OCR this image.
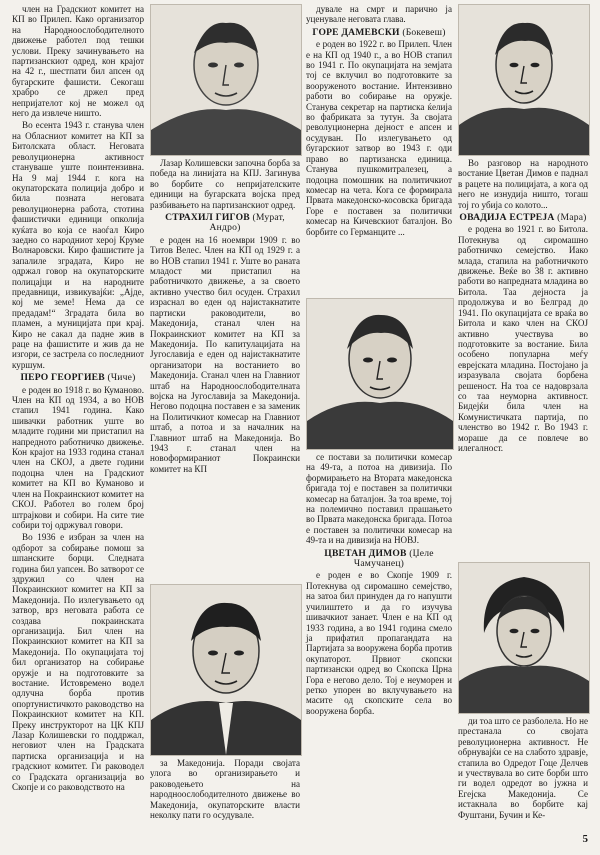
член на Градскиот комитет на КП во Прилеп. Како организатор на Народноослободителното движење работел под тешки услови. Преку зачинувањето на партизанскиот одред, кон крајот на 42 г., шестпати бил апсен од бугарските фашисти. Секогаш храбро се држел пред непријателот кој не можел од него да извлече ништо.

Во есента 1943 г. станува член на Обласниот комитет на КП за Битолската област. Неговата револуционерна активност стануваше уште поинтензивна. На 9 мај 1944 г. кога на окупаторската полиција добро и била позната неговата револуционерна работа, стотина фашистички единици опколија куќата во која се наоѓал Киро заедно со народниот херој Круме Волнаровски. Киро фашистите ја запалиле зградата, Киро не одржал говор на окупаторските полицајци и на народните предавници, извикувајќи: „Ајде, кој ме земе! Нема да се предадам!“ Зградата била во пламен, а муницијата при крај. Киро не сакал да падне жив в раце на фашистите и жив да не изгори, се застрела со последниот куршум.

ПЕРО ГЕОРГИЕВ (Чиче)

е роден во 1918 г. во Куманово. Член на КП од 1934, а во НОВ стапил 1941 година. Како шивачки работник уште во младите години ми пристапил на напредното работничко движење. Кон крајот на 1933 година станал член на СКОЈ, а двете години подоцна член на Градскиот комитет на КП во Куманово и член на Покраинскиот комитет на СКОЈ. Работел во голем број штрајкови и собири. На сите тие собири тој одржувал говори.

Во 1936 е избран за член на одборот за собирање помош за шпанските борци. Следната година бил уапсен. Во затворот се здружил со член на Покраинскиот комитет на КП за Македонија. По излегувањето од затвор, врз неговата работа се создава покраинската организација. Бил член на Покраинскиот комитет на КП за Македонија. По окупацијата тој бил организатор на собирање оружје и на подготовките за востание. Истовремено водел одлучна борба против опортунистичкото раководство на Покраинскиот комитет на КП. Преку инструкторот на ЦК КПЈ Лазар Колишевски го поддржал, неговиот член на Градската партиска организација и на градскиот комитет. Ги раководел со Градската организација во Скопје и со раководството на

Лазар Колишевски започна борба за победа на линијата на КПЈ. Загинува во борбите со непријателските единици на бугарската војска пред разбивањето на партизанскиот одред.

СТРАХИЛ ГИГОВ (Мурат, Андро)

е роден на 16 ноември 1909 г. во Титов Велес. Член на КП од 1929 г. а во НОВ стапил 1941 г. Уште во раната младост ми пристапил на работничкото движење, а за своето активно учество бил осуден. Страхил израснал во еден од најистакнатите партиски раководители, во Македонија, станал член на Покраинскиот комитет на КП за Македонија. По капитулацијата на Југославија е еден од најистакнатите организатори на востанието во Македонија. Станал член на Главниот штаб на Народноослободителната војска на Југославија за Македонија. Негово подоцна поставен е за заменик на Политичкиот комесар на Главниот штаб, а потоа и за началник на Главниот штаб на Македонија. Во 1943 г. станал член на новоформираниот Покраински комитет на КП

за Македонија. Поради својата улога во организирањето и раководењето на народноослободителното движење во Македонија, окупаторските власти неколку пати го осудувале.

дувале на смрт и парично ја уценувале неговата глава.

ГОРЕ ДАМЕВСКИ (Бокевеш)

е роден во 1922 г. во Прилеп. Член е на КП од 1940 г., а во НОВ стапил во 1941 г. По окупацијата на земјата тој се вклучил во подготовките за вооруженото востание. Интензивно работи во собирање на оружје. Станува секретар на партиска ќелија во фабриката за тутун. За својата револуционерна дејност е апсен и осудуван. По излегувањето од бугарскиот затвор во 1943 г. оди право во партизанска единица. Станува пушкомитралезец, а подоцна помошник на политичкиот комесар на чета. Кога се формирала Првата македонско-косовска бригада Горе е поставен за политички комесар на Кичевскиот баталјон. Во борбите со Германците ...

се постави за политички комесар на 49-та, а потоа на дивизија. По формирањето на Втората македонска бригада тој е поставен за политички комесар на баталјон. За тоа време, тој на полемично поставил прашањето во Првата македонска бригада. Потоа е поставен за политички комесар на 49-та и на дивизија на НОВЈ.

ЦВЕТАН ДИМОВ (Џеле Чамучанец)

е роден е во Скопје 1909 г. Потекнува од сиромашно семејство, на затоа бил принуден да го напушти училиштето и да го изучува шивачкиот занает. Член е на КП од 1933 година, а во 1941 година смело ја прифатил пропагандата на Партијата за вооружена борба против окупаторот. Првиот скопски партизански одред во Скопска Црна Гора е негово дело. Тој е неуморен и ретко упорен во вклучувањето на масите од скопските села во вооружена борба.

Во разговор на народното востание Цветан Димов е паднал в рацете на полицијата, а кога од него не изнудија ништо, тогаш тој го убија со колото...

ОВАДИЈА ЕСТРЕЈА (Мара)

е родена во 1921 г. во Битола. Потекнува од сиромашно работничко семејство. Иако млада, стапила на работничкото движење. Веќе во 38 г. активно работи во напредната младина во Битола. Таа дејноста ја продолжува и во Белград до 1941. По окупацијата се враќа во Битола и како член на СКОЈ активно учествува во подготовките за востание. Била особено популарна меѓу еврејската младина. Постојано ја изразувала својата борбена решеност. На тоа се надоврзала со таа неуморна активност. Бидејќи била член на Комунистичката партија, по членство во 1942 г. Во 1943 г. мораше да се повлече во илегалност.

ди тоа што се разболела. Но не престанала со својата револуционерна активност. Не обрнувајќи се на слабото здравје, стапила во Одредот Гоце Делчев и учествувала во сите борби што ги водел одредот во јужна и Егејска Македонија. Се истакнала во борбите кај Фуштани, Бучин и Ке-

5
